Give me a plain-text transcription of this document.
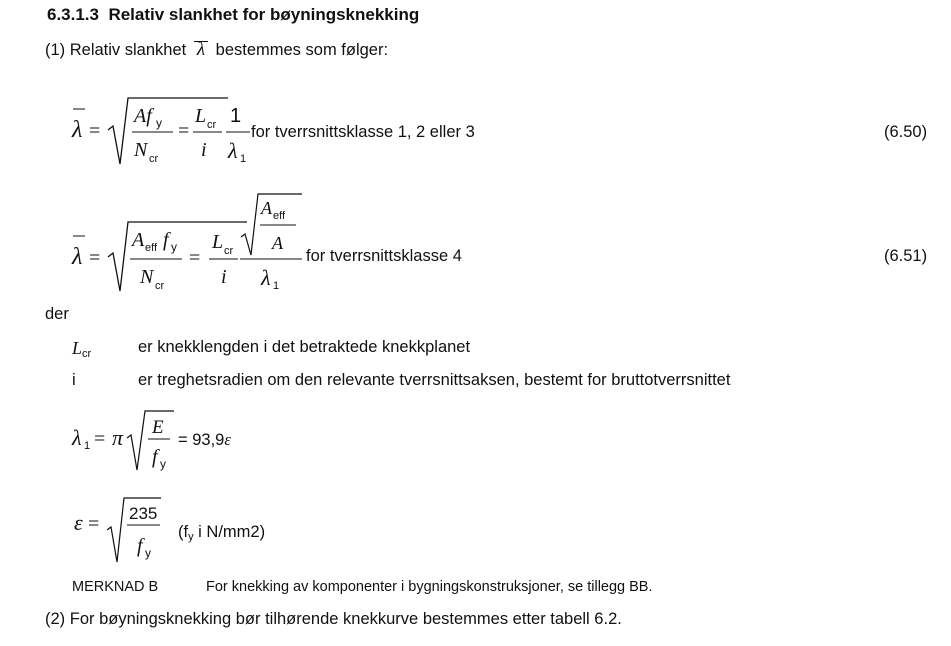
6.3.1.3 Relativ slankhet for bøyningsknekking
(1) Relativ slankhet λ bestemmes som følger:
λ =
Af y
N cr
=
L cr
i
1
λ 1
for tverrsnittsklasse 1, 2 eller 3	(6.50)
λ =
A eff f y
N cr
=
L cr
i
A eff
A
λ 1
for tverrsnittsklasse 4	(6.51)
der
$L_{cr}$	er knekklengden i det betraktede knekkplanet
i	er treghetsradien om den relevante tverrsnittsaksen, bestemt for bruttotverrsnittet
λ 1 = π E
f y
= 93,9ε
ε = 235
f y
($f_y$ i N/mm2)
MERKNAD B	For knekking av komponenter i bygningskonstruksjoner, se tillegg BB.
(2) For bøyningsknekking bør tilhørende knekkurve bestemmes etter tabell 6.2.
